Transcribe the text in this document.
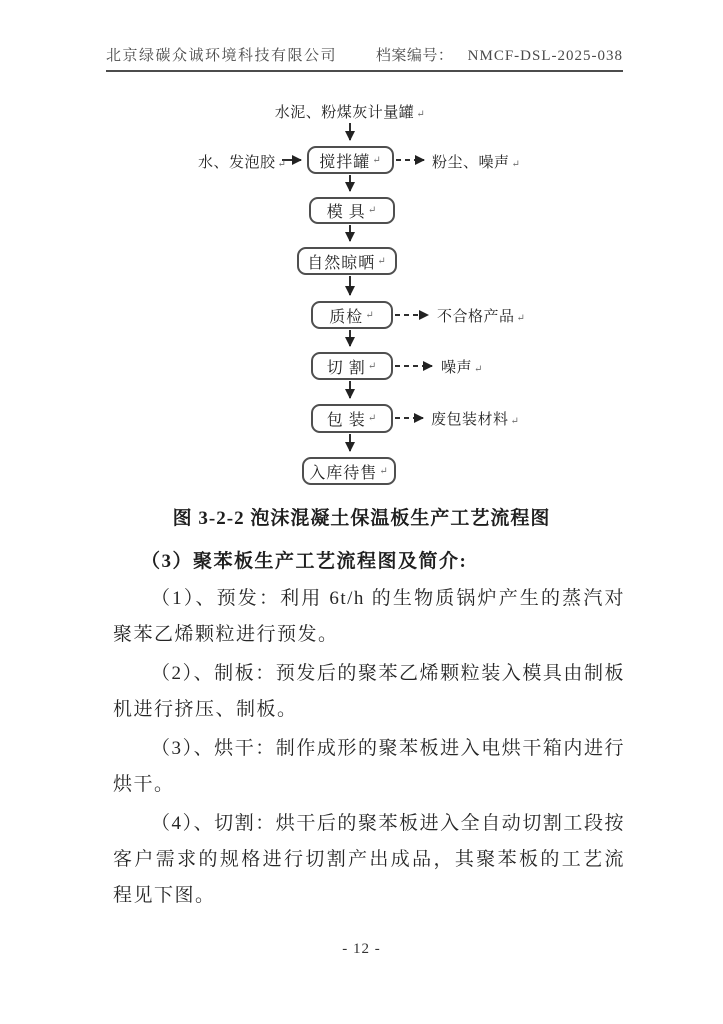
北京绿碳众诚环境科技有限公司	档案编号： NMCF-DSL-2025-038
水泥、粉煤灰计量罐 ↵
水、发泡胶 ↵	粉尘、噪声 ↵
不合格产品 ↵
噪声 ↵
废包装材料 ↵
搅拌罐 ↵
模 具 ↵
自然晾晒 ↵
质检 ↵
切 割 ↵
包 装 ↵
入库待售 ↵
图 3-2-2 泡沫混凝土保温板生产工艺流程图
（3）聚苯板生产工艺流程图及简介:

（1）、预发：利用 6t/h 的生物质锅炉产生的蒸汽对聚苯乙烯颗粒进行预发。

（2）、制板：预发后的聚苯乙烯颗粒装入模具由制板机进行挤压、制板。

（3）、烘干：制作成形的聚苯板进入电烘干箱内进行烘干。

（4）、切割：烘干后的聚苯板进入全自动切割工段按客户需求的规格进行切割产出成品，其聚苯板的工艺流程见下图。

- 12 -
